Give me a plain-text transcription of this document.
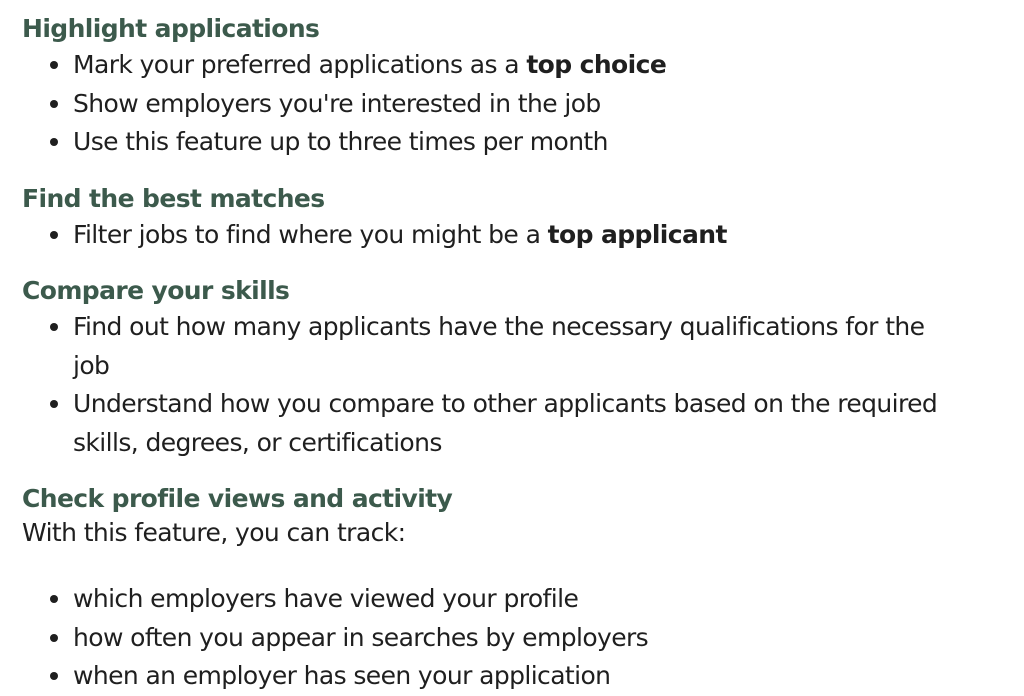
Highlight applications
Mark your preferred applications as a top choice
Show employers you're interested in the job
Use this feature up to three times per month
Find the best matches
Filter jobs to find where you might be a top applicant
Compare your skills
Find out how many applicants have the necessary qualifications for the job
Understand how you compare to other applicants based on the required skills, degrees, or certifications
Check profile views and activity

With this feature, you can track:

which employers have viewed your profile
how often you appear in searches by employers
when an employer has seen your application
